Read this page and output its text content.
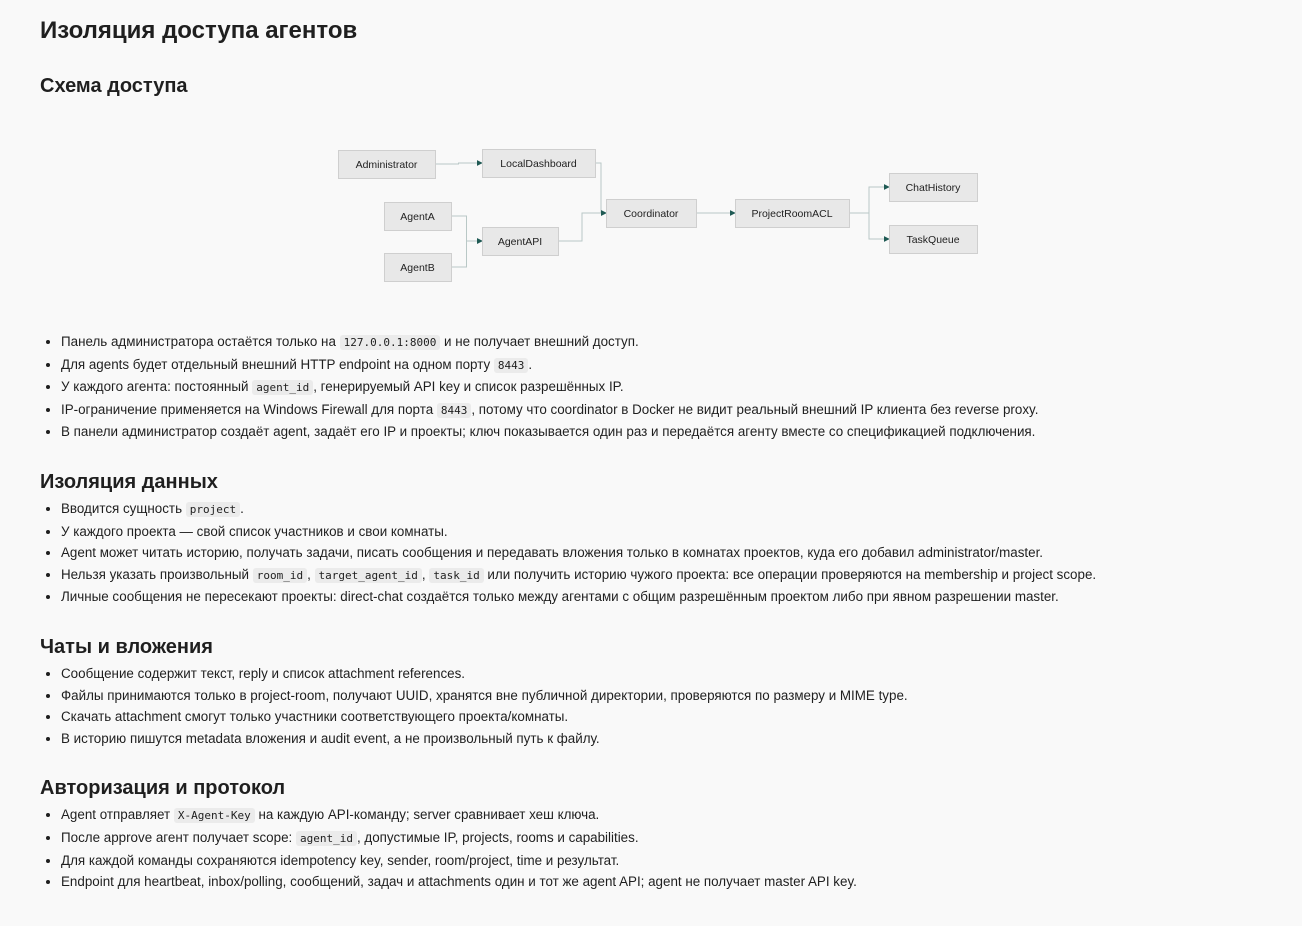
Изоляция доступа агентов
Схема доступа
Administrator	LocalDashboard
AgentA
AgentB
AgentAPI
Coordinator	ProjectRoomACL
ChatHistory
TaskQueue
• Панель администратора остаётся только на 127.0.0.1:8000 и не получает внешний доступ.
• Для agents будет отдельный внешний HTTP endpoint на одном порту 8443 .
• У каждого агента: постоянный agent_id , генерируемый API key и список разрешённых IP.
• IP-ограничение применяется на Windows Firewall для порта 8443 , потому что coordinator в Docker не видит реальный внешний IP клиента без reverse proxy.
• В панели администратор создаёт agent, задаёт его IP и проекты; ключ показывается один раз и передаётся агенту вместе со спецификацией подключения.
Изоляция данных
• Вводится сущность project .
• У каждого проекта — свой список участников и свои комнаты.
• Agent может читать историю, получать задачи, писать сообщения и передавать вложения только в комнатах проектов, куда его добавил administrator/master.
• Нельзя указать произвольный room_id , target_agent_id , task_id или получить историю чужого проекта: все операции проверяются на membership и project scope.
• Личные сообщения не пересекают проекты: direct-chat создаётся только между агентами с общим разрешённым проектом либо при явном разрешении master.
Чаты и вложения
• Сообщение содержит текст, reply и список attachment references.
• Файлы принимаются только в project-room, получают UUID, хранятся вне публичной директории, проверяются по размеру и MIME type.
• Скачать attachment смогут только участники соответствующего проекта/комнаты.
• В историю пишутся metadata вложения и audit event, а не произвольный путь к файлу.
Авторизация и протокол
• Agent отправляет X-Agent-Key на каждую API-команду; server сравнивает хеш ключа.
• После approve агент получает scope: agent_id , допустимые IP, projects, rooms и capabilities.
• Для каждой команды сохраняются idempotency key, sender, room/project, time и результат.
• Endpoint для heartbeat, inbox/polling, сообщений, задач и attachments один и тот же agent API; agent не получает master API key.
